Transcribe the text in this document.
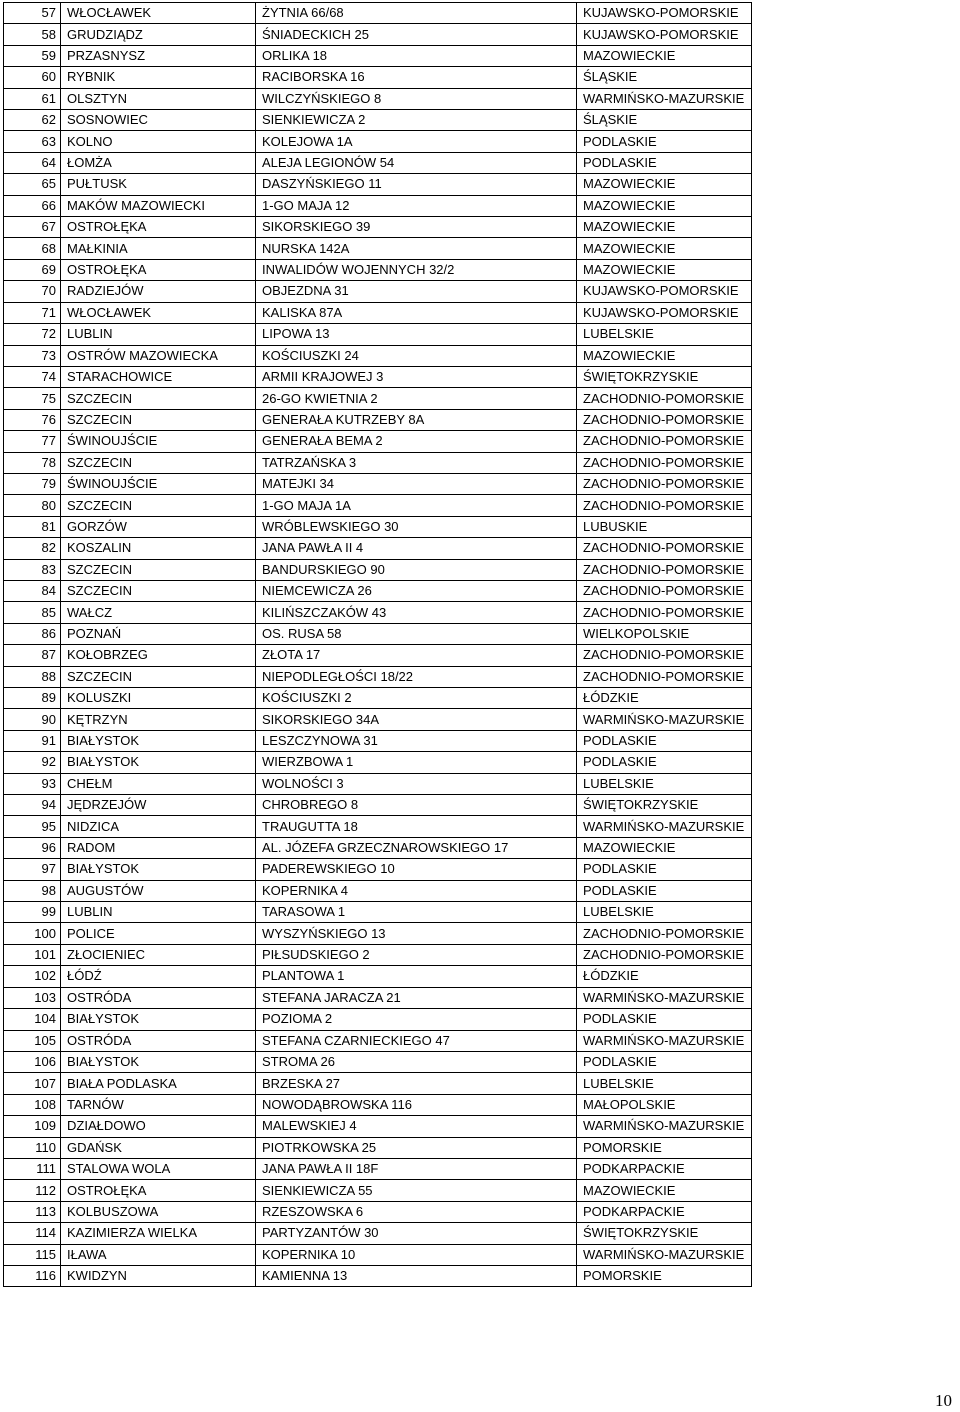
57	WŁOCŁAWEK	ŻYTNIA 66/68	KUJAWSKO-POMORSKIE
58	GRUDZIĄDZ	ŚNIADECKICH 25	KUJAWSKO-POMORSKIE
59	PRZASNYSZ	ORLIKA 18	MAZOWIECKIE
60	RYBNIK	RACIBORSKA 16	ŚLĄSKIE
61	OLSZTYN	WILCZYŃSKIEGO 8	WARMIŃSKO-MAZURSKIE
62	SOSNOWIEC	SIENKIEWICZA 2	ŚLĄSKIE
63	KOLNO	KOLEJOWA 1A	PODLASKIE
64	ŁOMŻA	ALEJA LEGIONÓW 54	PODLASKIE
65	PUŁTUSK	DASZYŃSKIEGO 11	MAZOWIECKIE
66	MAKÓW MAZOWIECKI	1-GO MAJA 12	MAZOWIECKIE
67	OSTROŁĘKA	SIKORSKIEGO 39	MAZOWIECKIE
68	MAŁKINIA	NURSKA 142A	MAZOWIECKIE
69	OSTROŁĘKA	INWALIDÓW WOJENNYCH 32/2	MAZOWIECKIE
70	RADZIEJÓW	OBJEZDNA 31	KUJAWSKO-POMORSKIE
71	WŁOCŁAWEK	KALISKA 87A	KUJAWSKO-POMORSKIE
72	LUBLIN	LIPOWA 13	LUBELSKIE
73	OSTRÓW MAZOWIECKA	KOŚCIUSZKI 24	MAZOWIECKIE
74	STARACHOWICE	ARMII KRAJOWEJ 3	ŚWIĘTOKRZYSKIE
75	SZCZECIN	26-GO KWIETNIA 2	ZACHODNIO-POMORSKIE
76	SZCZECIN	GENERAŁA KUTRZEBY 8A	ZACHODNIO-POMORSKIE
77	ŚWINOUJŚCIE	GENERAŁA BEMA 2	ZACHODNIO-POMORSKIE
78	SZCZECIN	TATRZAŃSKA 3	ZACHODNIO-POMORSKIE
79	ŚWINOUJŚCIE	MATEJKI 34	ZACHODNIO-POMORSKIE
80	SZCZECIN	1-GO MAJA 1A	ZACHODNIO-POMORSKIE
81	GORZÓW	WRÓBLEWSKIEGO 30	LUBUSKIE
82	KOSZALIN	JANA PAWŁA II 4	ZACHODNIO-POMORSKIE
83	SZCZECIN	BANDURSKIEGO 90	ZACHODNIO-POMORSKIE
84	SZCZECIN	NIEMCEWICZA 26	ZACHODNIO-POMORSKIE
85	WAŁCZ	KILIŃSZCZAKÓW 43	ZACHODNIO-POMORSKIE
86	POZNAŃ	OS. RUSA 58	WIELKOPOLSKIE
87	KOŁOBRZEG	ZŁOTA 17	ZACHODNIO-POMORSKIE
88	SZCZECIN	NIEPODLEGŁOŚCI 18/22	ZACHODNIO-POMORSKIE
89	KOLUSZKI	KOŚCIUSZKI 2	ŁÓDZKIE
90	KĘTRZYN	SIKORSKIEGO 34A	WARMIŃSKO-MAZURSKIE
91	BIAŁYSTOK	LESZCZYNOWA 31	PODLASKIE
92	BIAŁYSTOK	WIERZBOWA 1	PODLASKIE
93	CHEŁM	WOLNOŚCI 3	LUBELSKIE
94	JĘDRZEJÓW	CHROBREGO 8	ŚWIĘTOKRZYSKIE
95	NIDZICA	TRAUGUTTA 18	WARMIŃSKO-MAZURSKIE
96	RADOM	AL. JÓZEFA GRZECZNAROWSKIEGO 17	MAZOWIECKIE
97	BIAŁYSTOK	PADEREWSKIEGO 10	PODLASKIE
98	AUGUSTÓW	KOPERNIKA 4	PODLASKIE
99	LUBLIN	TARASOWA 1	LUBELSKIE
100	POLICE	WYSZYŃSKIEGO 13	ZACHODNIO-POMORSKIE
101	ZŁOCIENIEC	PIŁSUDSKIEGO 2	ZACHODNIO-POMORSKIE
102	ŁÓDŹ	PLANTOWA 1	ŁÓDZKIE
103	OSTRÓDA	STEFANA JARACZA 21	WARMIŃSKO-MAZURSKIE
104	BIAŁYSTOK	POZIOMA 2	PODLASKIE
105	OSTRÓDA	STEFANA CZARNIECKIEGO 47	WARMIŃSKO-MAZURSKIE
106	BIAŁYSTOK	STROMA 26	PODLASKIE
107	BIAŁA PODLASKA	BRZESKA 27	LUBELSKIE
108	TARNÓW	NOWODĄBROWSKA 116	MAŁOPOLSKIE
109	DZIAŁDOWO	MALEWSKIEJ 4	WARMIŃSKO-MAZURSKIE
110	GDAŃSK	PIOTRKOWSKA 25	POMORSKIE
111	STALOWA WOLA	JANA PAWŁA II 18F	PODKARPACKIE
112	OSTROŁĘKA	SIENKIEWICZA 55	MAZOWIECKIE
113	KOLBUSZOWA	RZESZOWSKA 6	PODKARPACKIE
114	KAZIMIERZA WIELKA	PARTYZANTÓW 30	ŚWIĘTOKRZYSKIE
115	IŁAWA	KOPERNIKA 10	WARMIŃSKO-MAZURSKIE
116	KWIDZYN	KAMIENNA 13	POMORSKIE
10
